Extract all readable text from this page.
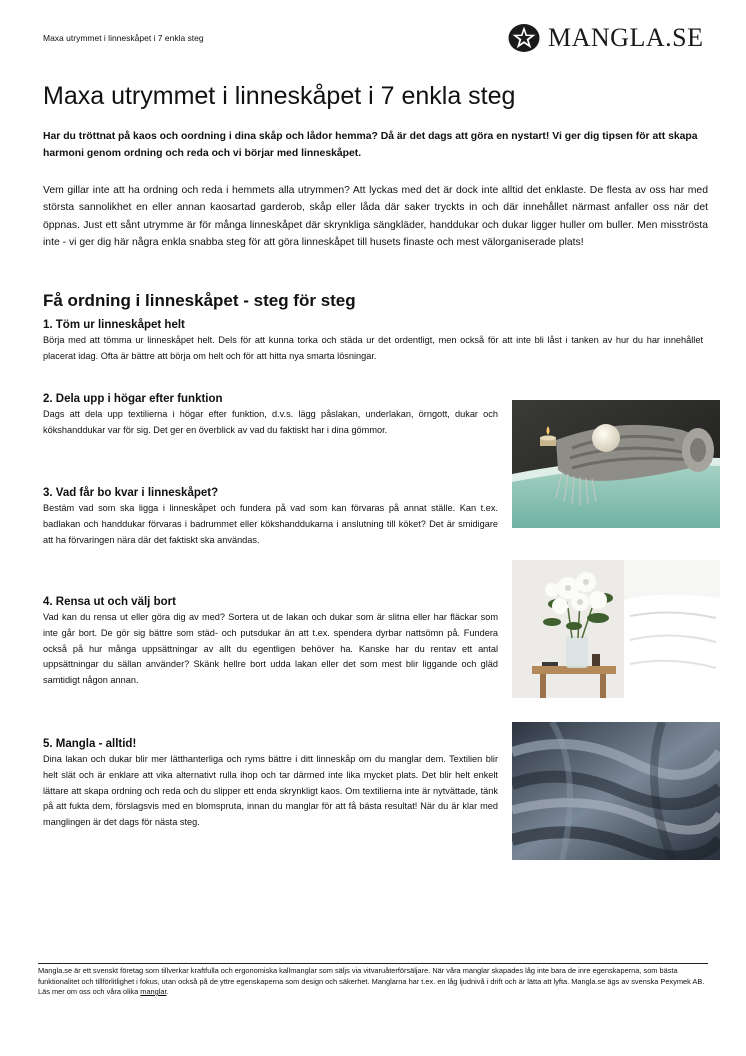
Maxa utrymmet i linneskåpet i 7 enkla steg	MANGLA.SE
Maxa utrymmet i linneskåpet i 7 enkla steg

Har du tröttnat på kaos och oordning i dina skåp och lådor hemma? Då är det dags att göra en nystart! Vi ger dig tipsen för att skapa harmoni genom ordning och reda och vi börjar med linneskåpet.

Vem gillar inte att ha ordning och reda i hemmets alla utrymmen? Att lyckas med det är dock inte alltid det enklaste. De flesta av oss har med största sannolikhet en eller annan kaosartad garderob, skåp eller låda där saker tryckts in och där innehållet närmast anfaller oss när det öppnas. Just ett sånt utrymme är för många linneskåpet där skrynkliga sängkläder, handdukar och dukar ligger huller om buller. Men misströsta inte - vi ger dig här några enkla snabba steg för att göra linneskåpet till husets finaste och mest välorganiserade plats!

Få ordning i linneskåpet - steg för steg
1. Töm ur linneskåpet helt

Börja med att tömma ur linneskåpet helt. Dels för att kunna torka och städa ur det ordentligt, men också för att inte bli låst i tanken av hur du har innehållet placerat idag. Ofta är bättre att börja om helt och för att hitta nya smarta lösningar.

2. Dela upp i högar efter funktion

Dags att dela upp textilierna i högar efter funktion, d.v.s. lägg påslakan, underlakan, örngott, dukar och kökshanddukar var för sig. Det ger en överblick av vad du faktiskt har i dina gömmor.

3. Vad får bo kvar i linneskåpet?

Bestäm vad som ska ligga i linneskåpet och fundera på vad som kan förvaras på annat ställe. Kan t.ex. badlakan och handdukar förvaras i badrummet eller kökshanddukarna i anslutning till köket? Det är smidigare att ha förvaringen nära där det faktiskt ska användas.

4. Rensa ut och välj bort

Vad kan du rensa ut eller göra dig av med? Sortera ut de lakan och dukar som är slitna eller har fläckar som inte går bort. De gör sig bättre som städ- och putsdukar än att t.ex. spendera dyrbar nattsömn på. Fundera också på hur många uppsättningar av allt du egentligen behöver ha. Kanske har du rentav ett antal uppsättningar du sällan använder? Skänk hellre bort udda lakan eller det som mest blir liggande och gläd samtidigt någon annan.

5. Mangla - alltid!

Dina lakan och dukar blir mer lätthanterliga och ryms bättre i ditt linneskåp om du manglar dem. Textilien blir helt slät och är enklare att vika alternativt rulla ihop och tar därmed inte lika mycket plats. Det blir helt enkelt lättare att skapa ordning och reda och du slipper ett enda skrynkligt kaos. Om textilierna inte är nytvättade, tänk på att fukta dem, förslagsvis med en blomspruta, innan du manglar för att få bästa resultat! När du är klar med manglingen är det dags för nästa steg.

Mangla.se är ett svenskt företag som tillverkar kraftfulla och ergonomiska kallmanglar som säljs via vitvaruåterförsäljare. När våra manglar skapades låg inte bara de inre egenskaperna, som bästa funktionalitet och tillförlitlighet i fokus, utan också på de yttre egenskaperna som design och säkerhet. Manglarna har t.ex. en låg ljudnivå i drift och är lätta att lyfta. Mangla.se ägs av svenska Pexymek AB. Läs mer om oss och våra olika manglar.
